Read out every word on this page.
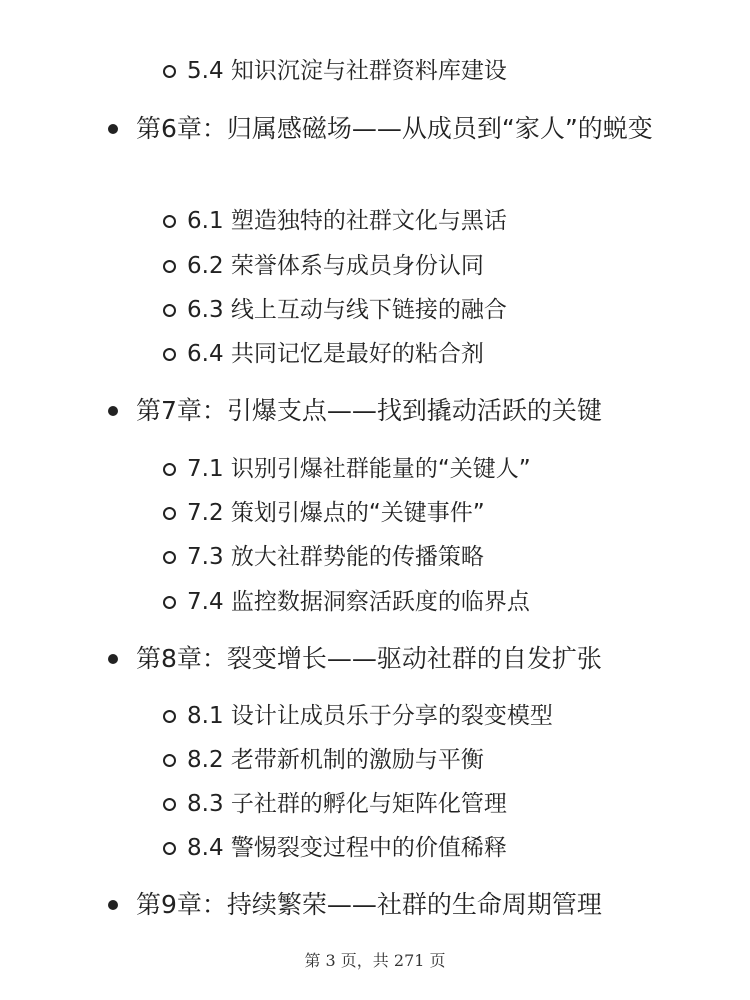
5.4 知识沉淀与社群资料库建设
第6章：归属感磁场——从成员到“家人”的蜕变
6.1 塑造独特的社群文化与黑话
6.2 荣誉体系与成员身份认同
6.3 线上互动与线下链接的融合
6.4 共同记忆是最好的粘合剂
第7章：引爆支点——找到撬动活跃的关键
7.1 识别引爆社群能量的“关键人”
7.2 策划引爆点的“关键事件”
7.3 放大社群势能的传播策略
7.4 监控数据洞察活跃度的临界点
第8章：裂变增长——驱动社群的自发扩张
8.1 设计让成员乐于分享的裂变模型
8.2 老带新机制的激励与平衡
8.3 子社群的孵化与矩阵化管理
8.4 警惕裂变过程中的价值稀释
第9章：持续繁荣——社群的生命周期管理
第 3 页，共 271 页
